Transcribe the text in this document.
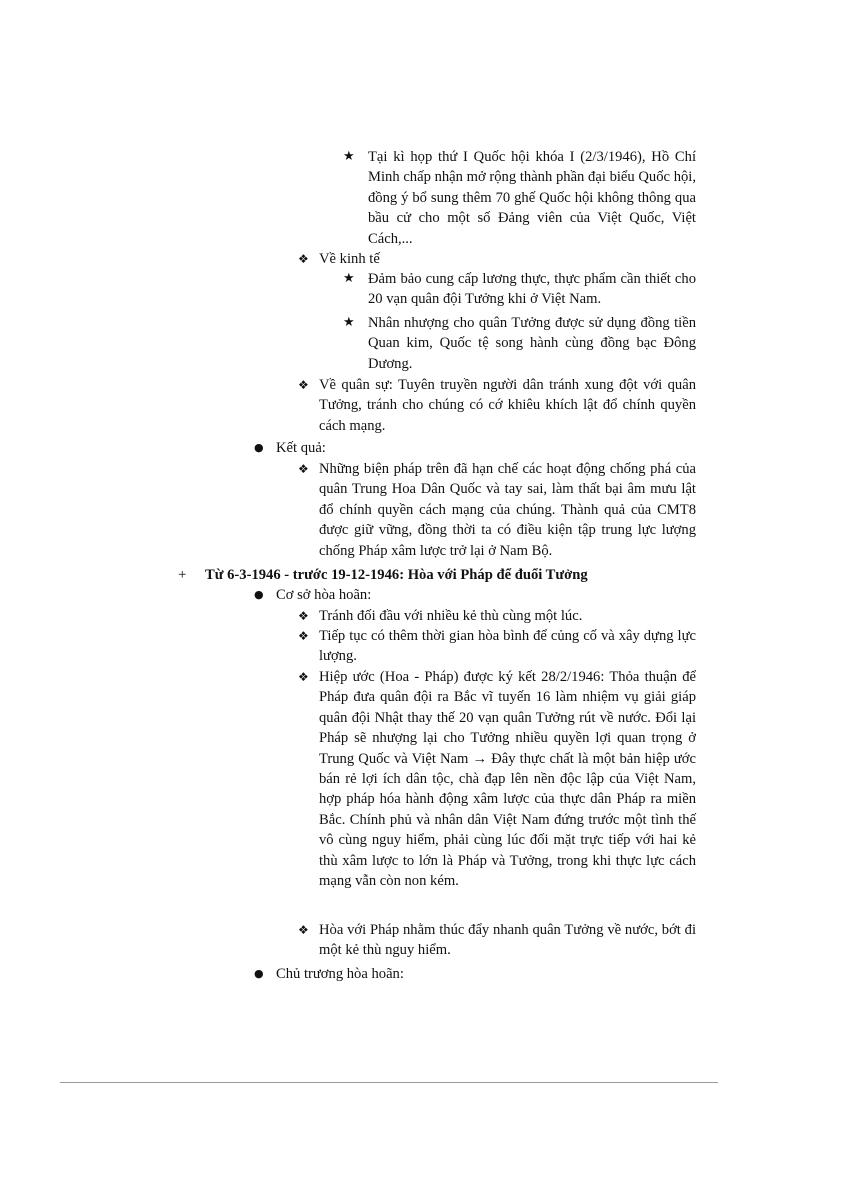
★ Tại kì họp thứ I Quốc hội khóa I (2/3/1946), Hồ Chí Minh chấp nhận mở rộng thành phần đại biểu Quốc hội, đồng ý bổ sung thêm 70 ghế Quốc hội không thông qua bầu cử cho một số Đảng viên của Việt Quốc, Việt Cách,...
❖ Về kinh tế
★ Đảm bảo cung cấp lương thực, thực phẩm cần thiết cho 20 vạn quân đội Tưởng khi ở Việt Nam.
★ Nhân nhượng cho quân Tưởng được sử dụng đồng tiền Quan kim, Quốc tệ song hành cùng đồng bạc Đông Dương.
❖ Về quân sự: Tuyên truyền người dân tránh xung đột với quân Tưởng, tránh cho chúng có cớ khiêu khích lật đổ chính quyền cách mạng.
● Kết quả:
❖ Những biện pháp trên đã hạn chế các hoạt động chống phá của quân Trung Hoa Dân Quốc và tay sai, làm thất bại âm mưu lật đổ chính quyền cách mạng của chúng. Thành quả của CMT8 được giữ vững, đồng thời ta có điều kiện tập trung lực lượng chống Pháp xâm lược trở lại ở Nam Bộ.
+ Từ 6-3-1946 - trước 19-12-1946: Hòa với Pháp để đuổi Tưởng
● Cơ sở hòa hoãn:
❖ Tránh đối đầu với nhiều kẻ thù cùng một lúc.
❖ Tiếp tục có thêm thời gian hòa bình để củng cố và xây dựng lực lượng.
❖ Hiệp ước (Hoa - Pháp) được ký kết 28/2/1946: Thỏa thuận để Pháp đưa quân đội ra Bắc vĩ tuyến 16 làm nhiệm vụ giải giáp quân đội Nhật thay thế 20 vạn quân Tưởng rút về nước. Đổi lại Pháp sẽ nhượng lại cho Tưởng nhiều quyền lợi quan trọng ở Trung Quốc và Việt Nam → Đây thực chất là một bản hiệp ước bán rẻ lợi ích dân tộc, chà đạp lên nền độc lập của Việt Nam, hợp pháp hóa hành động xâm lược của thực dân Pháp ra miền Bắc. Chính phủ và nhân dân Việt Nam đứng trước một tình thế vô cùng nguy hiểm, phải cùng lúc đối mặt trực tiếp với hai kẻ thù xâm lược to lớn là Pháp và Tưởng, trong khi thực lực cách mạng vẫn còn non kém.
❖ Hòa với Pháp nhằm thúc đẩy nhanh quân Tưởng về nước, bớt đi một kẻ thù nguy hiểm.
● Chủ trương hòa hoãn:
